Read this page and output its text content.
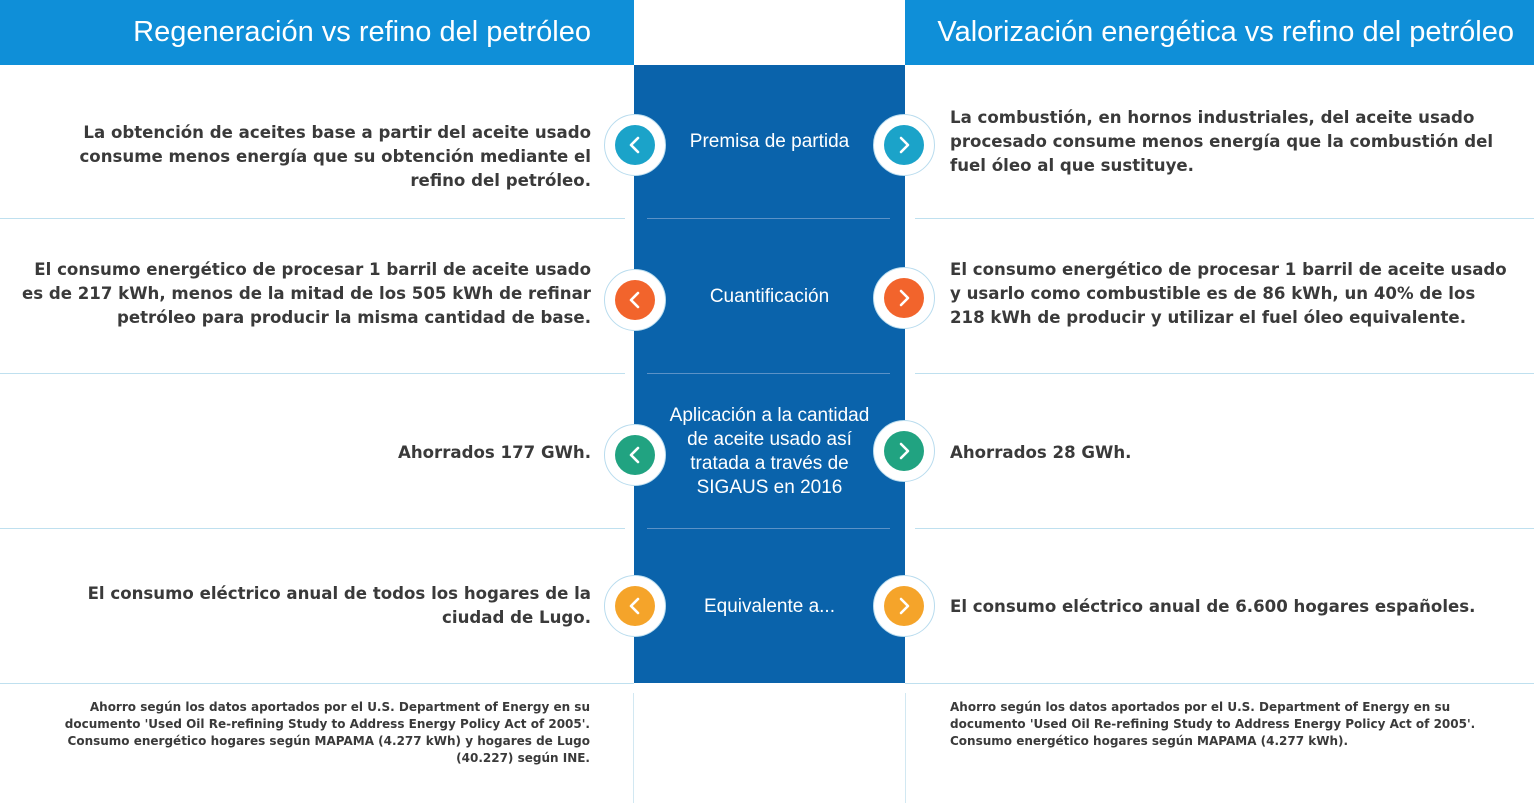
Regeneración vs refino del petróleo	Valorización energética vs refino del petróleo
La obtención de aceites base a partir del aceite usado consume menos energía que su obtención mediante el refino del petróleo.
Premisa de partida
La combustión, en hornos industriales, del aceite usado procesado consume menos energía que la combustión del fuel óleo al que sustituye.
El consumo energético de procesar 1 barril de aceite usado es de 217 kWh, menos de la mitad de los 505 kWh de refinar petróleo para producir la misma cantidad de base.
Cuantificación
El consumo energético de procesar 1 barril de aceite usado y usarlo como combustible es de 86 kWh, un 40% de los 218 kWh de producir y utilizar el fuel óleo equivalente.
Ahorrados 177 GWh.
Aplicación a la cantidad de aceite usado así tratada a través de SIGAUS en 2016
Ahorrados 28 GWh.
El consumo eléctrico anual de todos los hogares de la ciudad de Lugo.
Equivalente a...	El consumo eléctrico anual de 6.600 hogares españoles.
Ahorro según los datos aportados por el U.S. Department of Energy en su documento 'Used Oil Re-refining Study to Address Energy Policy Act of 2005'. Consumo energético hogares según MAPAMA (4.277 kWh) y hogares de Lugo (40.227) según INE.
Ahorro según los datos aportados por el U.S. Department of Energy en su documento 'Used Oil Re-refining Study to Address Energy Policy Act of 2005'. Consumo energético hogares según MAPAMA (4.277 kWh).
